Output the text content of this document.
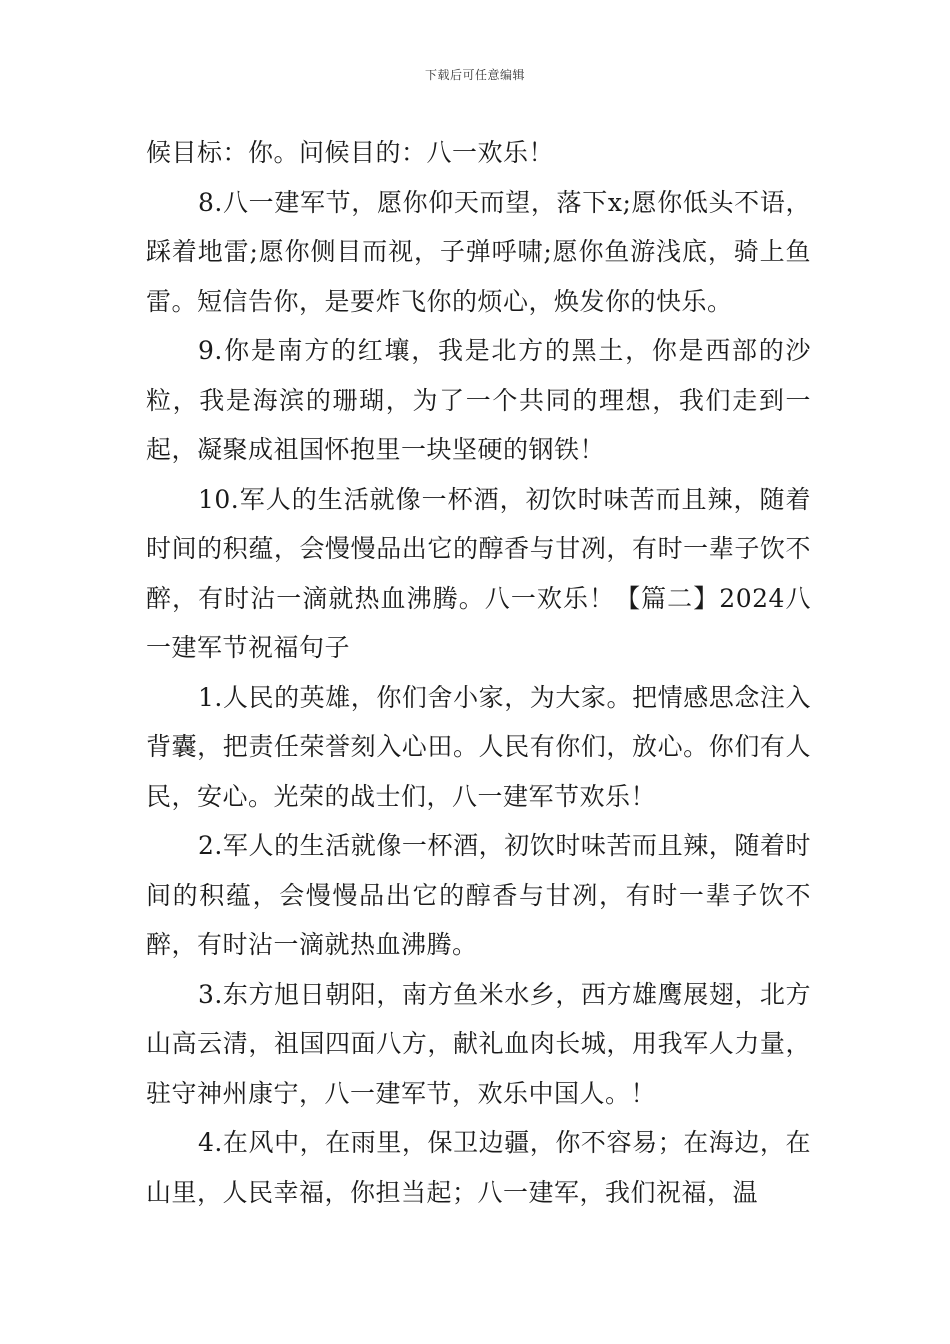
下载后可任意编辑

候目标：你。问候目的：八一欢乐！

8.八一建军节，愿你仰天而望，落下x;愿你低头不语，踩着地雷;愿你侧目而视，子弹呼啸;愿你鱼游浅底，骑上鱼雷。短信告你，是要炸飞你的烦心，焕发你的快乐。

9.你是南方的红壤，我是北方的黑土，你是西部的沙粒，我是海滨的珊瑚，为了一个共同的理想，我们走到一起，凝聚成祖国怀抱里一块坚硬的钢铁！

10.军人的生活就像一杯酒，初饮时味苦而且辣，随着时间的积蕴，会慢慢品出它的醇香与甘冽，有时一辈子饮不醉，有时沾一滴就热血沸腾。八一欢乐！【篇二】2024八一建军节祝福句子

1.人民的英雄，你们舍小家，为大家。把情感思念注入背囊，把责任荣誉刻入心田。人民有你们，放心。你们有人民，安心。光荣的战士们，八一建军节欢乐！

2.军人的生活就像一杯酒，初饮时味苦而且辣，随着时间的积蕴，会慢慢品出它的醇香与甘冽，有时一辈子饮不醉，有时沾一滴就热血沸腾。

3.东方旭日朝阳，南方鱼米水乡，西方雄鹰展翅，北方山高云清，祖国四面八方，献礼血肉长城，用我军人力量，驻守神州康宁，八一建军节，欢乐中国人。！

4.在风中，在雨里，保卫边疆，你不容易；在海边，在山里，人民幸福，你担当起；八一建军，我们祝福，温
